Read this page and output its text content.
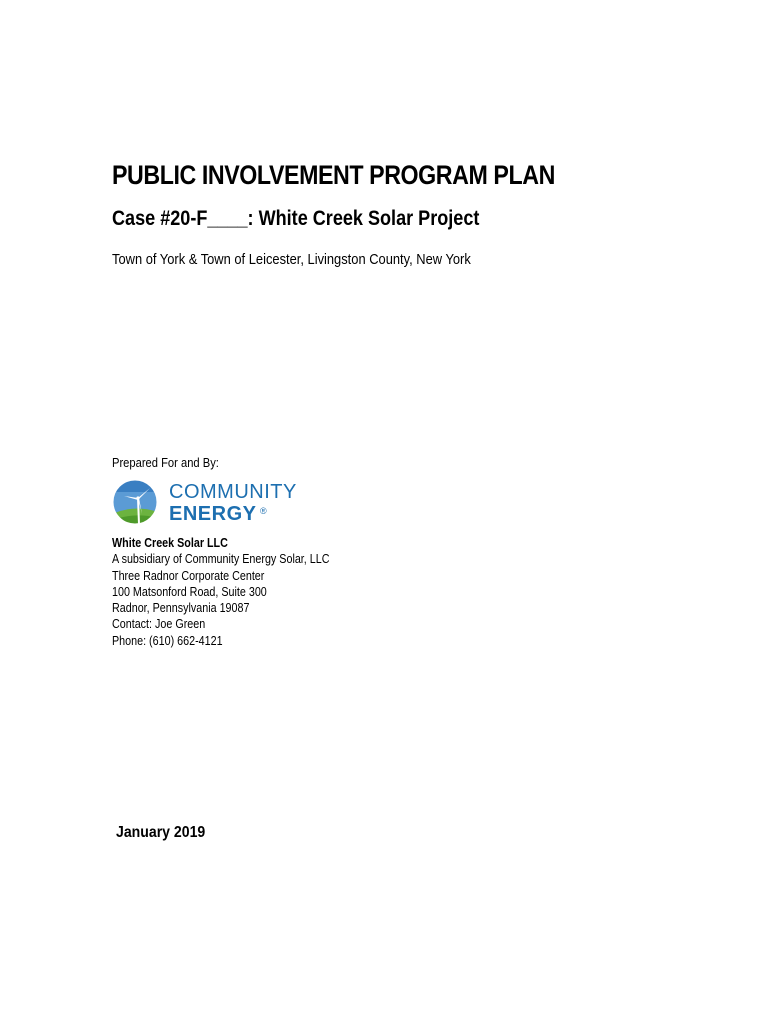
PUBLIC INVOLVEMENT PROGRAM PLAN
Case #20-F____: White Creek Solar Project
Town of York & Town of Leicester, Livingston County, New York
Prepared For and By:
COMMUNITY
ENERGY ®
White Creek Solar LLC
A subsidiary of Community Energy Solar, LLC
Three Radnor Corporate Center
100 Matsonford Road, Suite 300
Radnor, Pennsylvania 19087
Contact: Joe Green
Phone: (610) 662-4121
January 2019
